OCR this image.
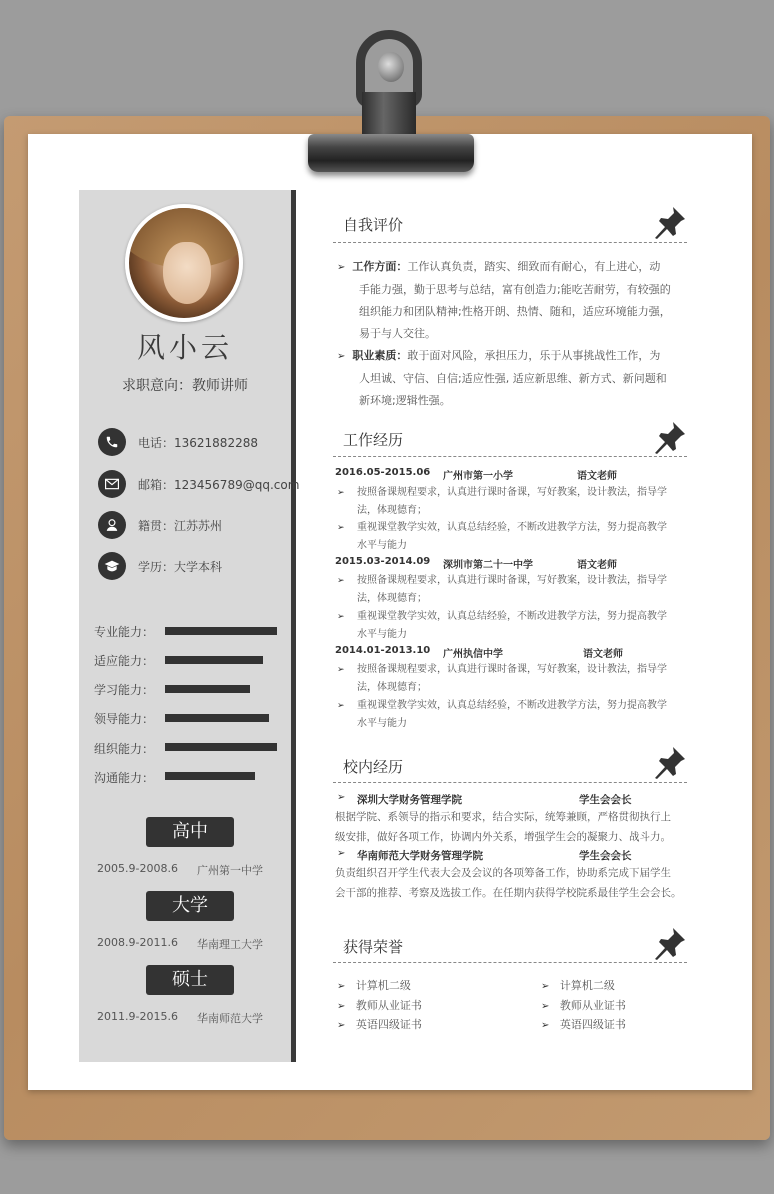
风小云
求职意向：教师讲师
电话：13621882288
邮箱：123456789@qq.com
籍贯：江苏苏州
学历：大学本科
专业能力：
适应能力：
学习能力：
领导能力：
组织能力：
沟通能力：
高中
2005.9-2008.6 广州第一中学
大学
2008.9-2011.6 华南理工大学
硕士
2011.9-2015.6 华南师范大学
自我评价
➢ 工作方面：工作认真负责，踏实、细致而有耐心，有上进心，动
手能力强，勤于思考与总结，富有创造力;能吃苦耐劳，有较强的
组织能力和团队精神;性格开朗、热情、随和，适应环境能力强，
易于与人交往。
➢ 职业素质：敢于面对风险，承担压力，乐于从事挑战性工作，为
人坦诚、守信、自信;适应性强, 适应新思维、新方式、新问题和
新环境;逻辑性强。
工作经历
2016.05-2015.06 广州市第一小学	语文老师
➢	按照备课规程要求，认真进行课时备课，写好教案，设计教法，指导学
法，体现德育；
➢	重视课堂教学实效，认真总结经验，不断改进教学方法，努力提高教学
水平与能力
2015.03-2014.09 深圳市第二十一中学	语文老师
➢	按照备课规程要求，认真进行课时备课，写好教案，设计教法，指导学
法，体现德育；
➢	重视课堂教学实效，认真总结经验，不断改进教学方法，努力提高教学
水平与能力
2014.01-2013.10 广州执信中学	语文老师
➢	按照备课规程要求，认真进行课时备课，写好教案，设计教法，指导学
法，体现德育；
➢	重视课堂教学实效，认真总结经验，不断改进教学方法，努力提高教学
水平与能力
校内经历
➢ 深圳大学财务管理学院	学生会会长
根据学院、系领导的指示和要求，结合实际，统筹兼顾，严格贯彻执行上
级安排，做好各项工作，协调内外关系，增强学生会的凝聚力、战斗力。
➢ 华南师范大学财务管理学院	学生会会长
负责组织召开学生代表大会及会议的各项筹备工作，协助系完成下届学生
会干部的推荐、考察及选拔工作。在任期内获得学校院系最佳学生会会长。
获得荣誉
➢ 计算机二级
➢ 教师从业证书
➢ 英语四级证书
➢ 计算机二级
➢ 教师从业证书
➢ 英语四级证书
